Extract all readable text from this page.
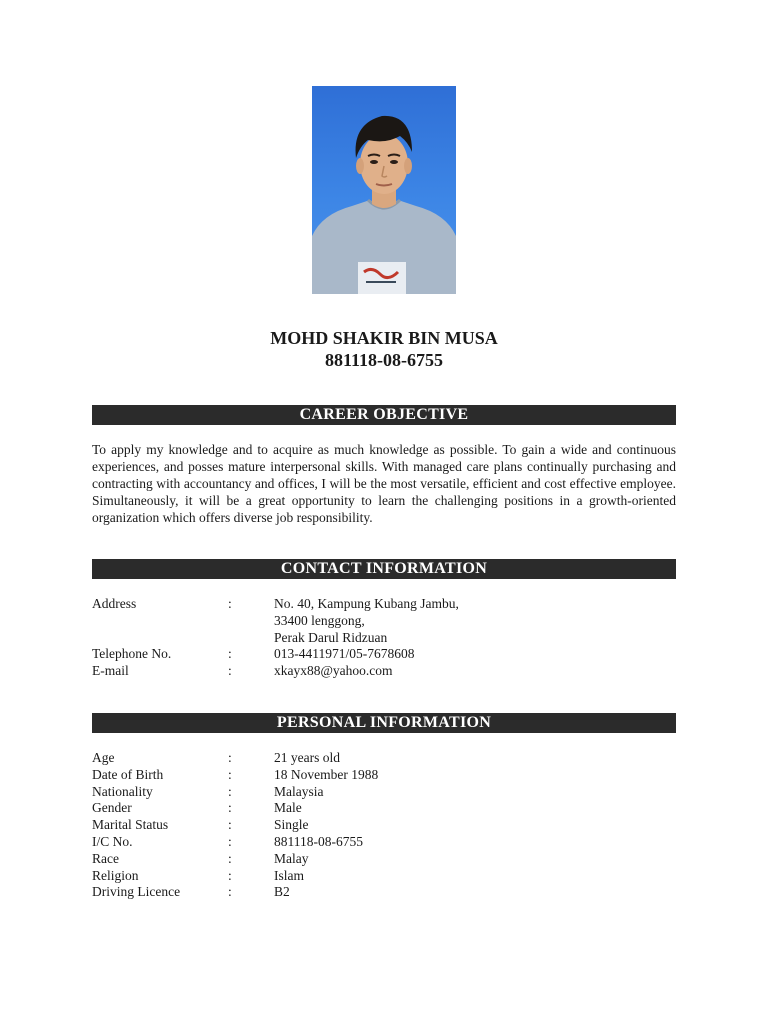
MOHD SHAKIR BIN MUSA
881118-08-6755
CAREER OBJECTIVE
To apply my knowledge and to acquire as much knowledge as possible. To gain a wide and continuous experiences, and posses mature interpersonal skills. With managed care plans continually purchasing and contracting with accountancy and offices, I will be the most versatile, efficient and cost effective employee. Simultaneously, it will be a great opportunity to learn the challenging positions in a growth-oriented organization which offers diverse job responsibility.
CONTACT INFORMATION
Address	:	No. 40, Kampung Kubang Jambu,
33400 lenggong,
Perak Darul Ridzuan
Telephone No.	:	013-4411971/05-7678608
E-mail	:	xkayx88@yahoo.com
PERSONAL INFORMATION
Age	:	21 years old
Date of Birth	:	18 November 1988
Nationality	:	Malaysia
Gender	:	Male
Marital Status	:	Single
I/C No.	:	881118-08-6755
Race	:	Malay
Religion	:	Islam
Driving Licence	:	B2
